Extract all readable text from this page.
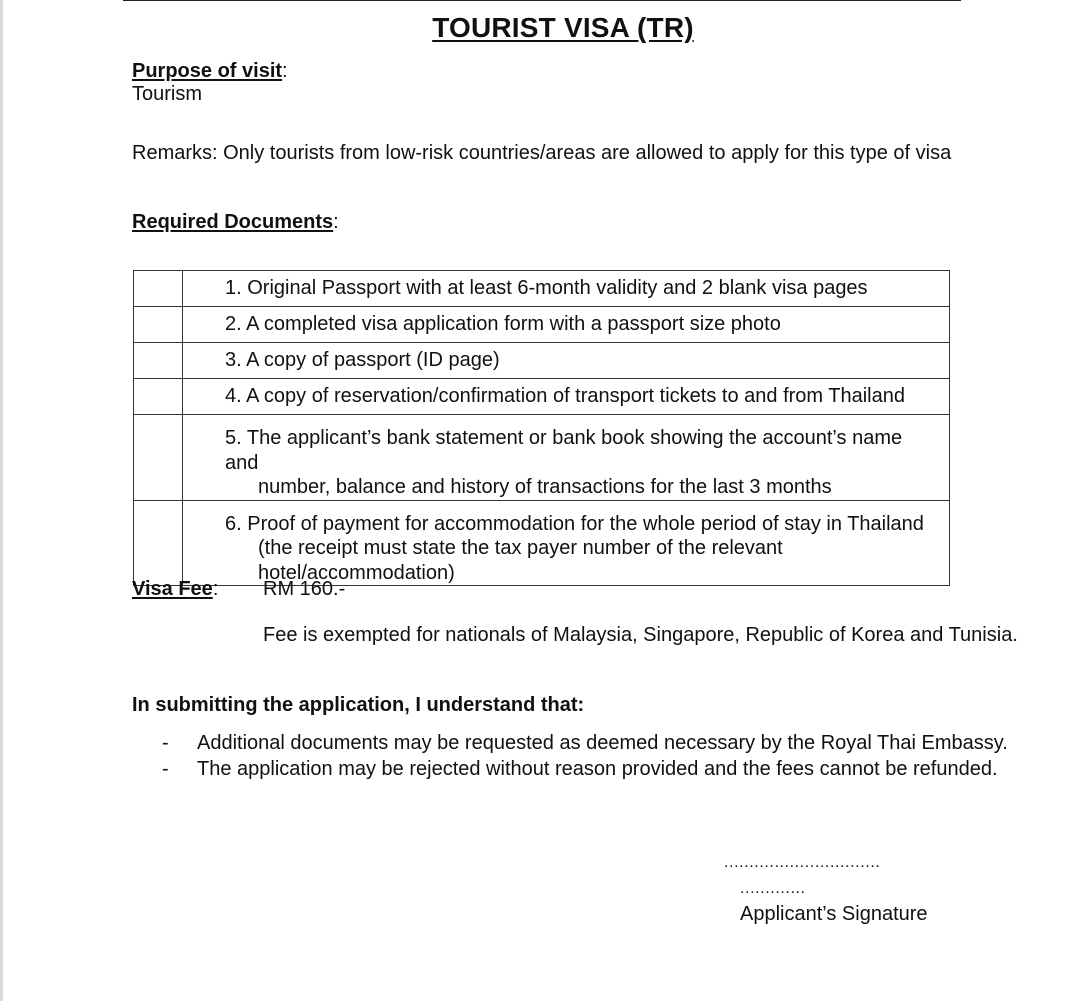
TOURIST VISA (TR)
Purpose of visit:
Tourism
Remarks: Only tourists from low-risk countries/areas are allowed to apply for this type of visa
Required Documents:

	1. Original Passport with at least 6-month validity and 2 blank visa pages

	2. A completed visa application form with a passport size photo

	3. A copy of passport (ID page)

	4. A copy of reservation/confirmation of transport tickets to and from Thailand

	5. The applicant’s bank statement or bank book showing the account’s name and
number, balance and history of transactions for the last 3 months

	6. Proof of payment for accommodation for the whole period of stay in Thailand
(the receipt must state the tax payer number of the relevant
hotel/accommodation)
Visa Fee: RM 160.-
Fee is exempted for nationals of Malaysia, Singapore, Republic of Korea and Tunisia.
In submitting the application, I understand that:
-	Additional documents may be requested as deemed necessary by the Royal Thai Embassy.
-	The application may be rejected without reason provided and the fees cannot be refunded.
...............................
.............
Applicant’s Signature
